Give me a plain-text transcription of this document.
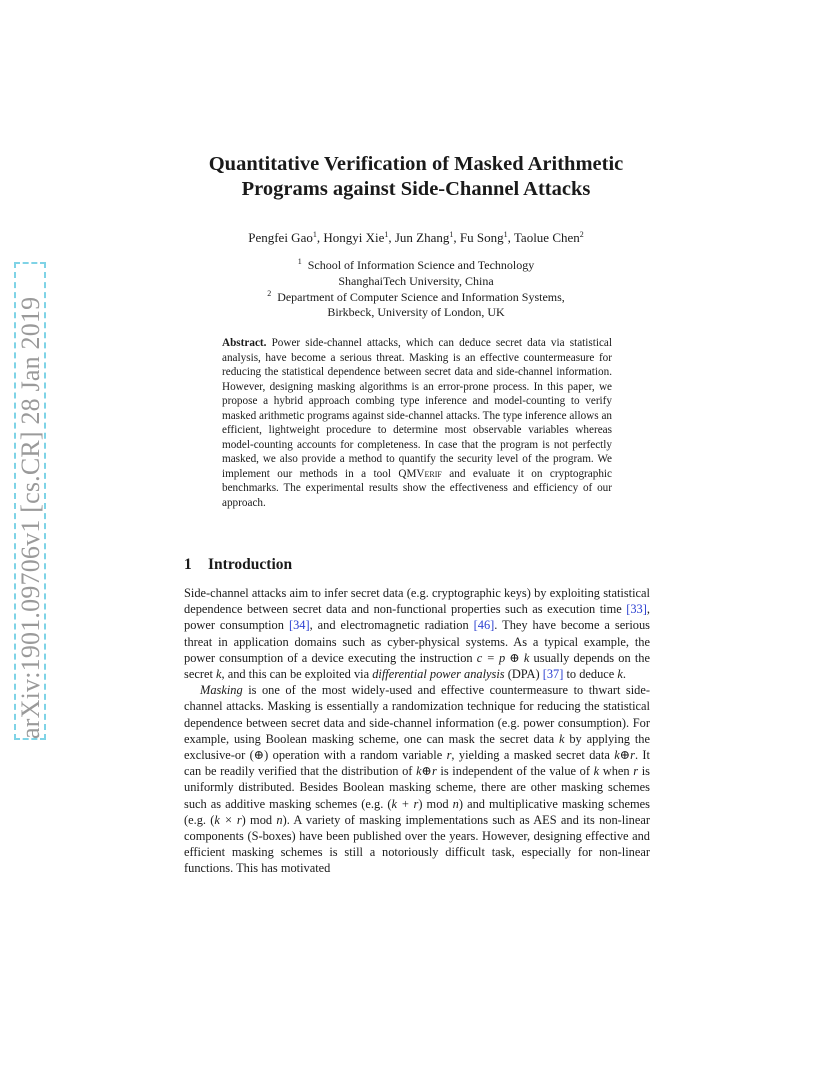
arXiv:1901.09706v1 [cs.CR] 28 Jan 2019
Quantitative Verification of Masked Arithmetic
Programs against Side-Channel Attacks
Pengfei Gao$^1$, Hongyi Xie$^1$, Jun Zhang$^1$, Fu Song$^1$, Taolue Chen$^2$
$^1$ School of Information Science and Technology
ShanghaiTech University, China
$^2$ Department of Computer Science and Information Systems,
Birkbeck, University of London, UK
Abstract. Power side-channel attacks, which can deduce secret data via statistical analysis, have become a serious threat. Masking is an effective countermeasure for reducing the statistical dependence between secret data and side-channel information. However, designing masking algorithms is an error-prone process. In this paper, we propose a hybrid approach combing type inference and model-counting to verify masked arithmetic programs against side-channel attacks. The type inference allows an efficient, lightweight procedure to determine most observable variables whereas model-counting accounts for completeness. In case that the program is not perfectly masked, we also provide a method to quantify the security level of the program. We implement our methods in a tool QMVerif and evaluate it on cryptographic benchmarks. The experimental results show the effectiveness and efficiency of our approach.
1 Introduction

Side-channel attacks aim to infer secret data (e.g. cryptographic keys) by exploiting statistical dependence between secret data and non-functional properties such as execution time [33], power consumption [34], and electromagnetic radiation [46]. They have become a serious threat in application domains such as cyber-physical systems. As a typical example, the power consumption of a device executing the instruction c = p ⊕ k usually depends on the secret k, and this can be exploited via differential power analysis (DPA) [37] to deduce k.

Masking is one of the most widely-used and effective countermeasure to thwart side-channel attacks. Masking is essentially a randomization technique for reducing the statistical dependence between secret data and side-channel information (e.g. power consumption). For example, using Boolean masking scheme, one can mask the secret data k by applying the exclusive-or (⊕) operation with a random variable r, yielding a masked secret data k⊕r. It can be readily verified that the distribution of k⊕r is independent of the value of k when r is uniformly distributed. Besides Boolean masking scheme, there are other masking schemes such as additive masking schemes (e.g. (k + r) mod n) and multiplicative masking schemes (e.g. (k × r) mod n). A variety of masking implementations such as AES and its non-linear components (S-boxes) have been published over the years. However, designing effective and efficient masking schemes is still a notoriously difficult task, especially for non-linear functions. This has motivated
